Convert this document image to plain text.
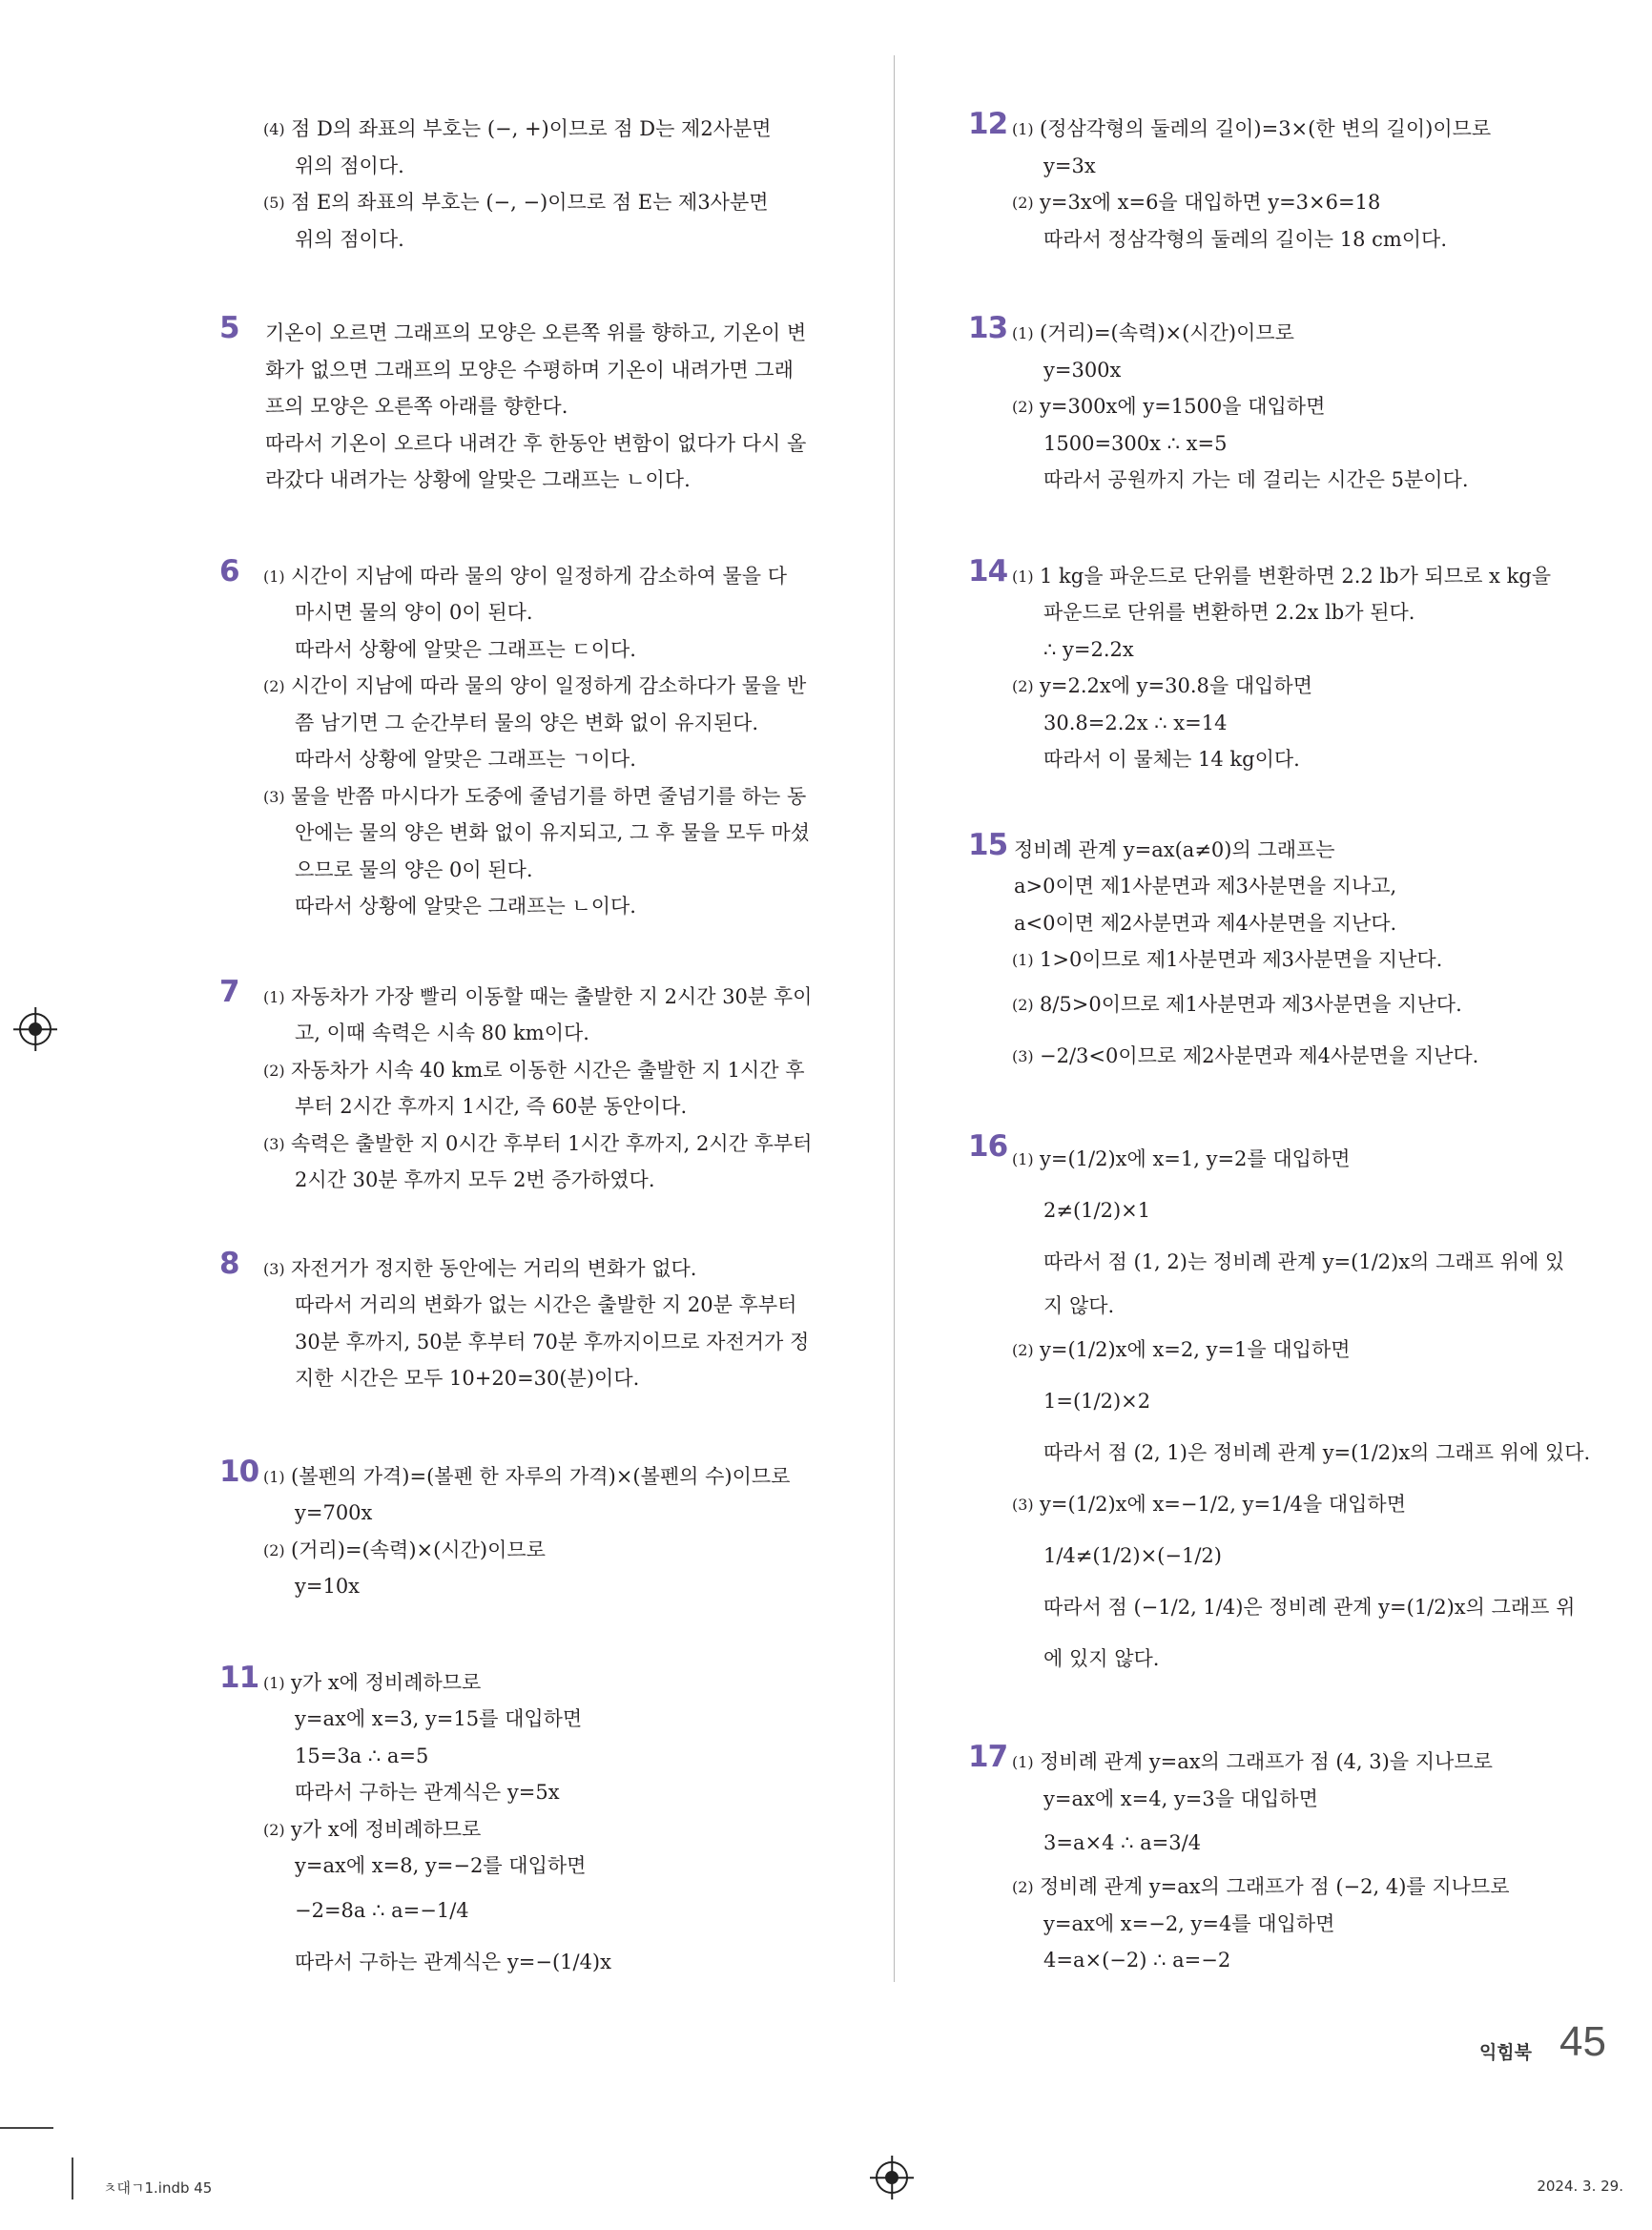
(4) 점 D의 좌표의 부호는 (−, +)이므로 점 D는 제2사분면
위의 점이다.
(5) 점 E의 좌표의 부호는 (−, −)이므로 점 E는 제3사분면
위의 점이다.
5 기온이 오르면 그래프의 모양은 오른쪽 위를 향하고, 기온이 변
화가 없으면 그래프의 모양은 수평하며 기온이 내려가면 그래
프의 모양은 오른쪽 아래를 향한다.
따라서 기온이 오르다 내려간 후 한동안 변함이 없다가 다시 올
라갔다 내려가는 상황에 알맞은 그래프는 ㄴ이다.
6 (1) 시간이 지남에 따라 물의 양이 일정하게 감소하여 물을 다
마시면 물의 양이 0이 된다.
따라서 상황에 알맞은 그래프는 ㄷ이다.
(2) 시간이 지남에 따라 물의 양이 일정하게 감소하다가 물을 반
쯤 남기면 그 순간부터 물의 양은 변화 없이 유지된다.
따라서 상황에 알맞은 그래프는 ㄱ이다.
(3) 물을 반쯤 마시다가 도중에 줄넘기를 하면 줄넘기를 하는 동
안에는 물의 양은 변화 없이 유지되고, 그 후 물을 모두 마셨
으므로 물의 양은 0이 된다.
따라서 상황에 알맞은 그래프는 ㄴ이다.
7 (1) 자동차가 가장 빨리 이동할 때는 출발한 지 2시간 30분 후이
고, 이때 속력은 시속 80 km이다.
(2) 자동차가 시속 40 km로 이동한 시간은 출발한 지 1시간 후
부터 2시간 후까지 1시간, 즉 60분 동안이다.
(3) 속력은 출발한 지 0시간 후부터 1시간 후까지, 2시간 후부터
2시간 30분 후까지 모두 2번 증가하였다.
8 (3) 자전거가 정지한 동안에는 거리의 변화가 없다.
따라서 거리의 변화가 없는 시간은 출발한 지 20분 후부터
30분 후까지, 50분 후부터 70분 후까지이므로 자전거가 정
지한 시간은 모두 10+20=30(분)이다.
10 (1) (볼펜의 가격)=(볼펜 한 자루의 가격)×(볼펜의 수)이므로
y=700x
(2) (거리)=(속력)×(시간)이므로
y=10x
11 (1) y가 x에 정비례하므로
y=ax에 x=3, y=15를 대입하면
15=3a ∴ a=5
따라서 구하는 관계식은 y=5x
(2) y가 x에 정비례하므로
y=ax에 x=8, y=−2를 대입하면
−2=8a ∴ a=−1/4
따라서 구하는 관계식은 y=−(1/4)x
12 (1) (정삼각형의 둘레의 길이)=3×(한 변의 길이)이므로
y=3x
(2) y=3x에 x=6을 대입하면 y=3×6=18
따라서 정삼각형의 둘레의 길이는 18 cm이다.
13 (1) (거리)=(속력)×(시간)이므로
y=300x
(2) y=300x에 y=1500을 대입하면
1500=300x ∴ x=5
따라서 공원까지 가는 데 걸리는 시간은 5분이다.
14 (1) 1 kg을 파운드로 단위를 변환하면 2.2 lb가 되므로 x kg을
파운드로 단위를 변환하면 2.2x lb가 된다.
∴ y=2.2x
(2) y=2.2x에 y=30.8을 대입하면
30.8=2.2x ∴ x=14
따라서 이 물체는 14 kg이다.
15 정비례 관계 y=ax(a≠0)의 그래프는
a>0이면 제1사분면과 제3사분면을 지나고,
a<0이면 제2사분면과 제4사분면을 지난다.
(1) 1>0이므로 제1사분면과 제3사분면을 지난다.
(2) 8/5>0이므로 제1사분면과 제3사분면을 지난다.
(3) −2/3<0이므로 제2사분면과 제4사분면을 지난다.
16 (1) y=(1/2)x에 x=1, y=2를 대입하면
2≠(1/2)×1
따라서 점 (1, 2)는 정비례 관계 y=(1/2)x의 그래프 위에 있
지 않다.
(2) y=(1/2)x에 x=2, y=1을 대입하면
1=(1/2)×2
따라서 점 (2, 1)은 정비례 관계 y=(1/2)x의 그래프 위에 있다.
(3) y=(1/2)x에 x=−1/2, y=1/4을 대입하면
1/4≠(1/2)×(−1/2)
따라서 점 (−1/2, 1/4)은 정비례 관계 y=(1/2)x의 그래프 위
에 있지 않다.
17 (1) 정비례 관계 y=ax의 그래프가 점 (4, 3)을 지나므로
y=ax에 x=4, y=3을 대입하면
3=a×4 ∴ a=3/4
(2) 정비례 관계 y=ax의 그래프가 점 (−2, 4)를 지나므로
y=ax에 x=−2, y=4를 대입하면
4=a×(−2) ∴ a=−2
익힘북 45
ㅊ대ㄱ1.indb 45	2024. 3. 29.
